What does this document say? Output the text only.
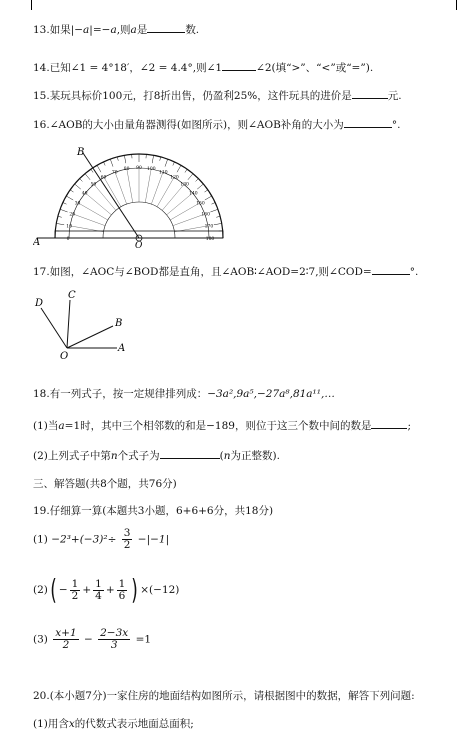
13.如果|−a|=−a,则a是	数.
14.已知∠1 = 4°18′，∠2 = 4.4°,则∠1	∠2(填“>”、“<”或“=”).
15.某玩具标价100元，打8折出售，仍盈利25%，这件玩具的进价是	元.
16.∠AOB的大小由量角器测得(如图所示)，则∠AOB补角的大小为	°.
0
10
20
30
40
50
60
70
80 90 100
110
120
130
140
150
160
170
180
B
A	O
17.如图，∠AOC与∠BOD都是直角，且∠AOB∶∠AOD=2∶7,则∠COD=	°.
D
C
B
A
O
18.有一列式子，按一定规律排列成：−3a²,9a⁵,−27a⁸,81a¹¹,…
(1)当a=1时，其中三个相邻数的和是−189，则位于这三个数中间的数是	;
(2)上列式子中第n个式子为	(n为正整数).
三、解答题(共8个题，共76分)
19.仔细算一算(本题共3小题，6+6+6分，共18分)
$(1) -2^3+(-3)^2\div \frac{3}{2} -|-1|$
$(2)( - \frac{1}{2} + \frac{1}{4} + \frac{1}{6}$ ) ×(−12)
$(3) \frac{x+1}{2} - \frac{2-3x}{3} =1$
20.(本小题7分)一家住房的地面结构如图所示，请根据图中的数据，解答下列问题:
(1)用含x的代数式表示地面总面积;
